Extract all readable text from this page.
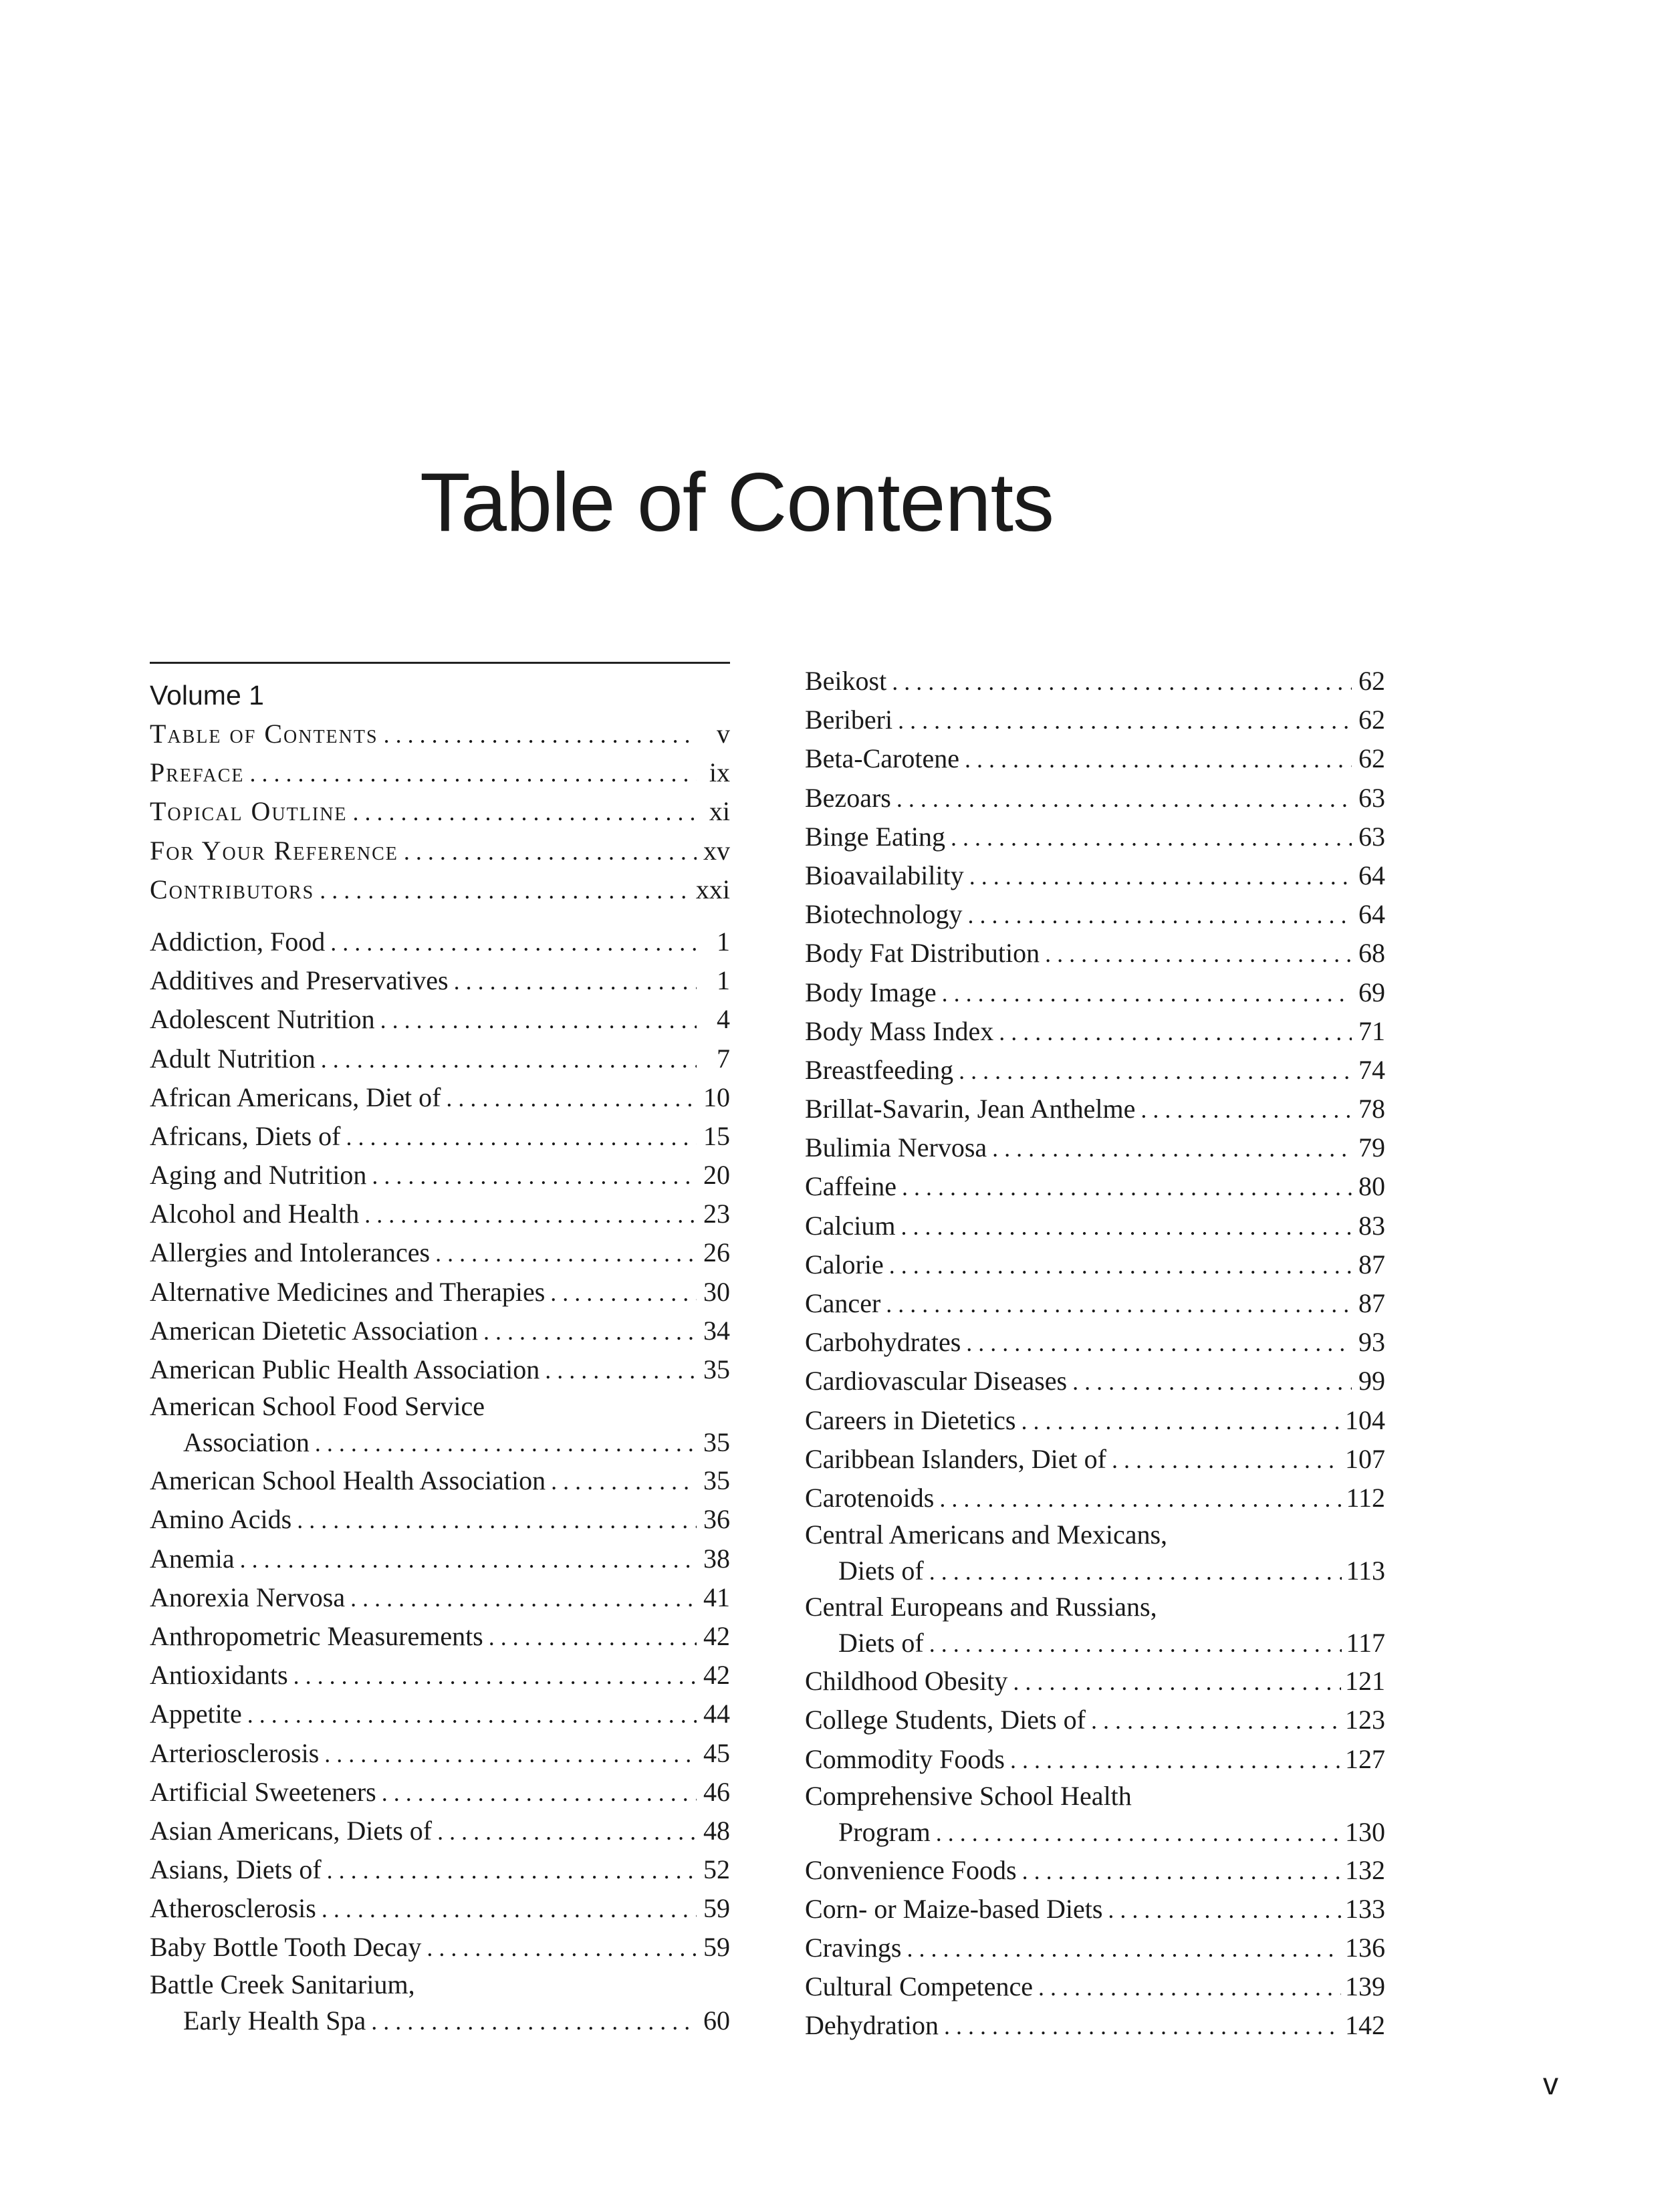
Table of Contents
Volume 1
Table of Contents . . .	v
Preface . . .	ix
Topical Outline . . .	xi
For Your Reference . . .	xv
Contributors . . .	xxi
Addiction, Food . . .	1
Additives and Preservatives . . .	1
Adolescent Nutrition . . .	4
Adult Nutrition . . .	7
African Americans, Diet of . . .	10
Africans, Diets of . . .	15
Aging and Nutrition . . .	20
Alcohol and Health . . .	23
Allergies and Intolerances . . .	26
Alternative Medicines and Therapies . . .	30
American Dietetic Association . . .	34
American Public Health Association . . .	35
American School Food Service
Association . . .	35
American School Health Association . . .	35
Amino Acids . . .	36
Anemia . . .	38
Anorexia Nervosa . . .	41
Anthropometric Measurements . . .	42
Antioxidants . . .	42
Appetite . . .	44
Arteriosclerosis . . .	45
Artificial Sweeteners . . .	46
Asian Americans, Diets of . . .	48
Asians, Diets of . . .	52
Atherosclerosis . . .	59
Baby Bottle Tooth Decay . . .	59
Battle Creek Sanitarium,
Early Health Spa . . .	60
Beikost . . .	62
Beriberi . . .	62
Beta-Carotene . . .	62
Bezoars . . .	63
Binge Eating . . .	63
Bioavailability . . .	64
Biotechnology . . .	64
Body Fat Distribution . . .	68
Body Image . . .	69
Body Mass Index . . .	71
Breastfeeding . . .	74
Brillat-Savarin, Jean Anthelme . . .	78
Bulimia Nervosa . . .	79
Caffeine . . .	80
Calcium . . .	83
Calorie . . .	87
Cancer . . .	87
Carbohydrates . . .	93
Cardiovascular Diseases . . .	99
Careers in Dietetics . . .	104
Caribbean Islanders, Diet of . . .	107
Carotenoids . . .	112
Central Americans and Mexicans,
Diets of . . .	113
Central Europeans and Russians,
Diets of . . .	117
Childhood Obesity . . .	121
College Students, Diets of . . .	123
Commodity Foods . . .	127
Comprehensive School Health
Program . . .	130
Convenience Foods . . .	132
Corn- or Maize-based Diets . . .	133
Cravings . . .	136
Cultural Competence . . .	139
Dehydration . . .	142
v
